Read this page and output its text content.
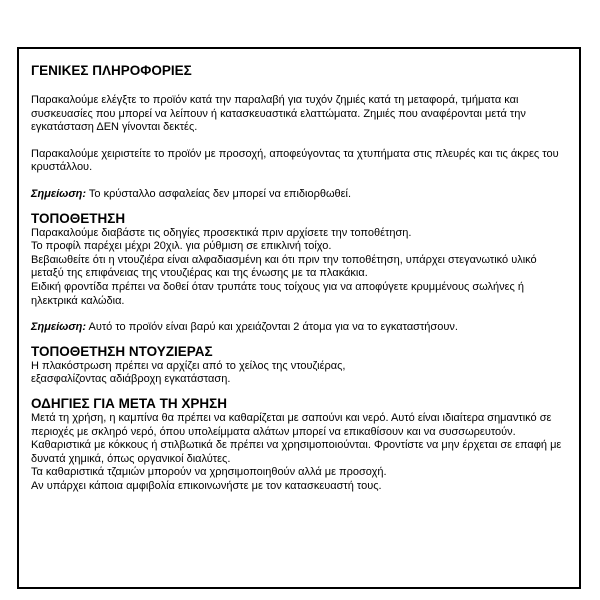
ΓΕΝΙΚΕΣ ΠΛΗΡΟΦΟΡΙΕΣ

Παρακαλούμε ελέγξτε το προϊόν κατά την παραλαβή για τυχόν ζημιές κατά τη μεταφορά, τμήματα και συσκευασίες που μπορεί να λείπουν ή κατασκευαστικά ελαττώματα. Ζημιές που αναφέρονται μετά την εγκατάσταση ΔΕΝ γίνονται δεκτές.

Παρακαλούμε χειριστείτε το προϊόν με προσοχή, αποφεύγοντας τα χτυπήματα στις πλευρές και τις άκρες του κρυστάλλου.

Σημείωση: Το κρύσταλλο ασφαλείας δεν μπορεί να επιδιορθωθεί.

ΤΟΠΟΘΕΤΗΣΗ

Παρακαλούμε διαβάστε τις οδηγίες προσεκτικά πριν αρχίσετε την τοποθέτηση.

Το προφίλ παρέχει μέχρι 20χιλ. για ρύθμιση σε επικλινή τοίχο.

Βεβαιωθείτε ότι η ντουζιέρα είναι αλφαδιασμένη και ότι πριν την τοποθέτηση, υπάρχει στεγανωτικό υλικό μεταξύ της επιφάνειας της ντουζιέρας και της ένωσης με τα πλακάκια.

Ειδική φροντίδα πρέπει να δοθεί όταν τρυπάτε τους τοίχους για να αποφύγετε κρυμμένους σωλήνες ή ηλεκτρικά καλώδια.

Σημείωση: Αυτό το προϊόν είναι βαρύ και χρειάζονται 2 άτομα για να το εγκαταστήσουν.

ΤΟΠΟΘΕΤΗΣΗ ΝΤΟΥΖΙΕΡΑΣ

Η πλακόστρωση πρέπει να αρχίζει από το χείλος της ντουζιέρας,

εξασφαλίζοντας αδιάβροχη εγκατάσταση.

ΟΔΗΓΙΕΣ ΓΙΑ ΜΕΤΑ ΤΗ ΧΡΗΣΗ

Μετά τη χρήση, η καμπίνα θα πρέπει να καθαρίζεται με σαπούνι και νερό. Αυτό είναι ιδιαίτερα σημαντικό σε περιοχές με σκληρό νερό, όπου υπολείμματα αλάτων μπορεί να επικαθίσουν και να συσσωρευτούν.

Καθαριστικά με κόκκους ή στιλβωτικά δε πρέπει να χρησιμοποιούνται. Φροντίστε να μην έρχεται σε επαφή με δυνατά χημικά, όπως οργανικοί διαλύτες.

Τα καθαριστικά τζαμιών μπορούν να χρησιμοποιηθούν αλλά με προσοχή.

Αν υπάρχει κάποια αμφιβολία επικοινωνήστε με τον κατασκευαστή τους.
